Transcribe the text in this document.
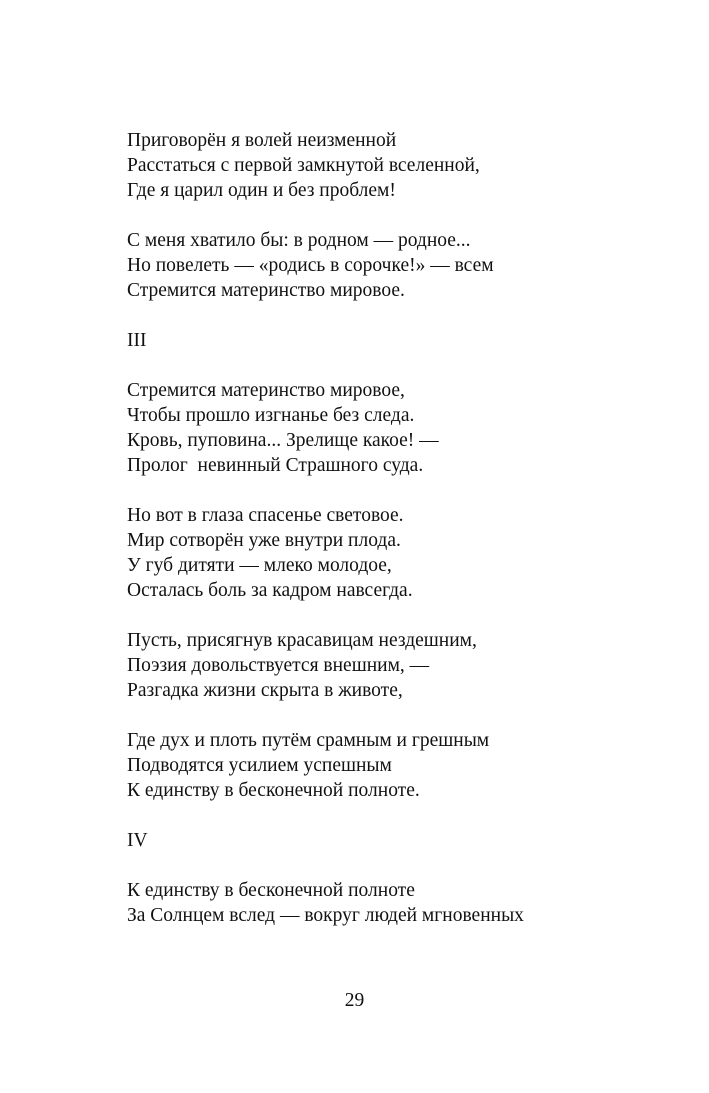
Приговорён я волей неизменной
Расстаться с первой замкнутой вселенной,
Где я царил один и без проблем!
С меня хватило бы: в родном — родное...
Но повелеть — «родись в сорочке!» — всем
Стремится материнство мировое.
III
Стремится материнство мировое,
Чтобы прошло изгнанье без следа.
Кровь, пуповина... Зрелище какое! —
Пролог  невинный Страшного суда.
Но вот в глаза спасенье световое.
Мир сотворён уже внутри плода.
У губ дитяти — млеко молодое,
Осталась боль за кадром навсегда.
Пусть, присягнув красавицам нездешним,
Поэзия довольствуется внешним, —
Разгадка жизни скрыта в животе,
Где дух и плоть путём срамным и грешным
Подводятся усилием успешным
К единству в бесконечной полноте.
IV
К единству в бесконечной полноте
За Солнцем вслед — вокруг людей мгновенных
29
